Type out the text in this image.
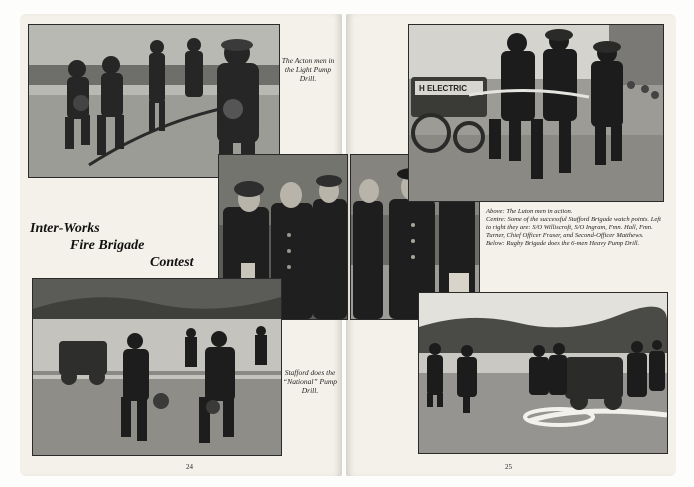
The Acton men in the Light Pump Drill.
Inter-Works
Fire Brigade
Contest
Stafford does the “National” Pump Drill.
H ELECTRIC
Above: The Luton men in action.
Centre: Some of the successful Stafford Brigade watch points. Left to right they are: S/O Williscroft, S/O Ingram, Fmn. Hall, Fmn. Turner, Chief Officer Fraser, and Second-Officer Matthews.
Below: Rugby Brigade does the 6-men Heavy Pump Drill.
24	25
